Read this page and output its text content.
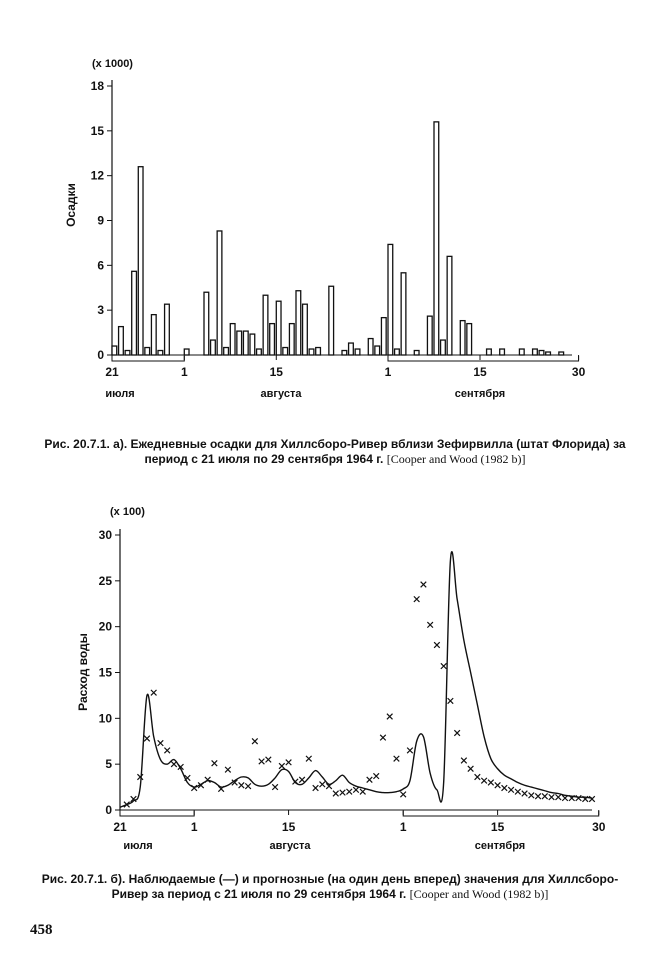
(x 1000)
Осадки
0
3
6
9
12
15
18
21	1	15	1	15	30
июля	августа	сентября
Рис. 20.7.1. а). Ежедневные осадки для Хиллсборо-Ривер вблизи Зефирвилла (штат Флорида) за период с 21 июля по 29 сентября 1964 г. [Cooper and Wood (1982 b)]
(x 100)
Расход воды
0
5
10
15
20
25
30
21	1	15	1	15	30
июля	августа	сентября
Рис. 20.7.1. б). Наблюдаемые (—) и прогнозные (на один день вперед) значения для Хиллсборо-Ривер за период с 21 июля по 29 сентября 1964 г. [Cooper and Wood (1982 b)]
458
